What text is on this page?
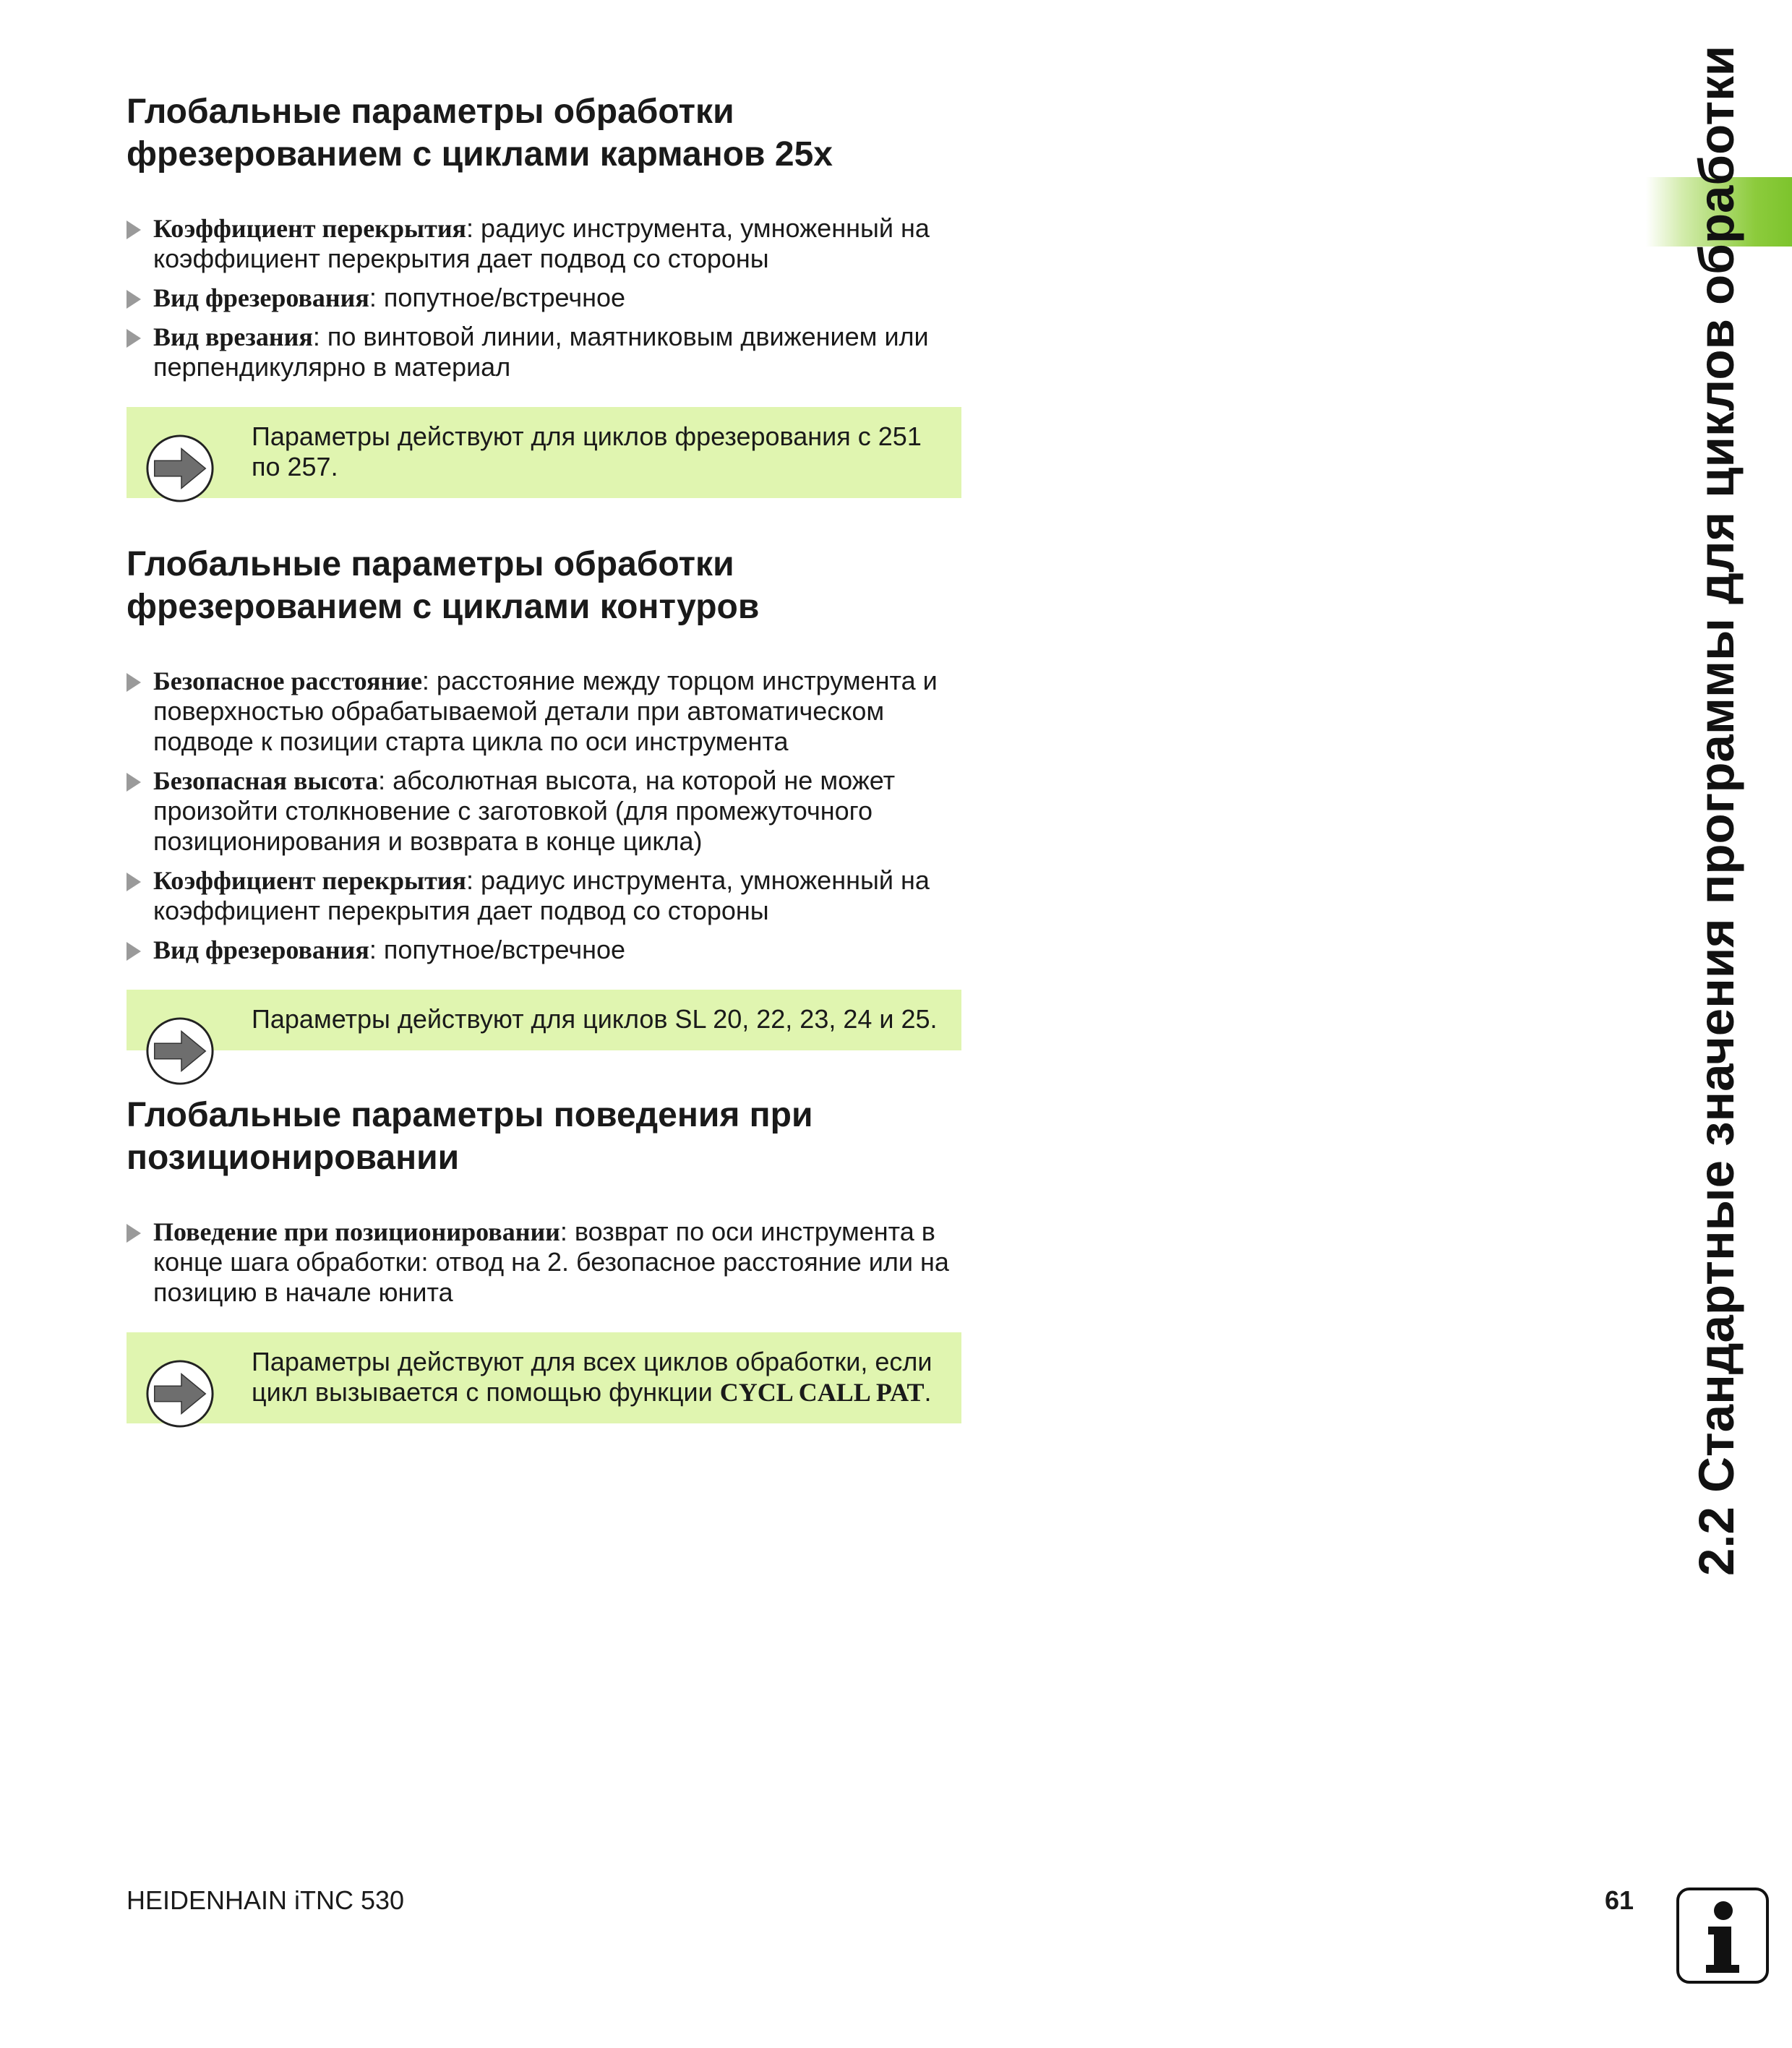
Глобальные параметры обработки
фрезерованием с циклами карманов 25x
Коэффициент перекрытия: радиус инструмента, умноженный на коэффициент перекрытия дает подвод со стороны
Вид фрезерования: попутное/встречное
Вид врезания: по винтовой линии, маятниковым движением или перпендикулярно в материал
Параметры действуют для циклов фрезерования с 251 по 257.
Глобальные параметры обработки
фрезерованием с циклами контуров
Безопасное расстояние: расстояние между торцом инструмента и поверхностью обрабатываемой детали при автоматическом подводе к позиции старта цикла по оси инструмента
Безопасная высота: абсолютная высота, на которой не может произойти столкновение с заготовкой (для промежуточного позиционирования и возврата в конце цикла)
Коэффициент перекрытия: радиус инструмента, умноженный на коэффициент перекрытия дает подвод со стороны
Вид фрезерования: попутное/встречное
Параметры действуют для циклов SL 20, 22, 23, 24 и 25.
Глобальные параметры поведения при
позиционировании
Поведение при позиционировании: возврат по оси инструмента в конце шага обработки: отвод на 2. безопасное расстояние или на позицию в начале юнита
Параметры действуют для всех циклов обработки, если цикл вызывается с помощью функции CYCL CALL PAT.	2.2 Стандартные значения программы для циклов обработки
HEIDENHAIN iTNC 530	61
